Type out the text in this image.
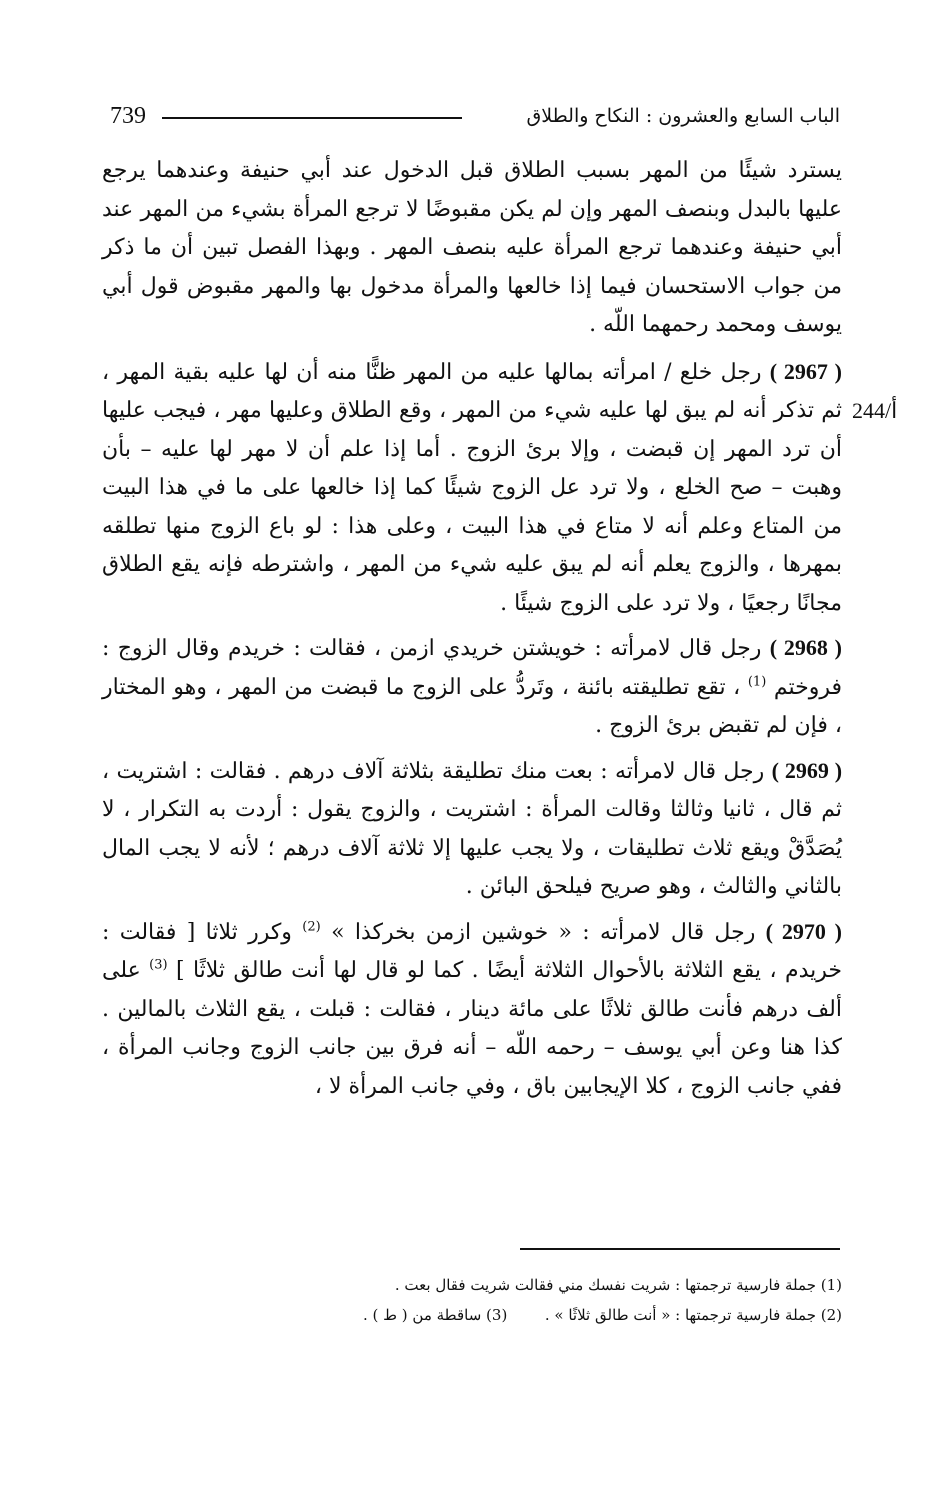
739	الباب السابع والعشرون : النكاح والطلاق
244/أ

يسترد شيئًا من المهر بسبب الطلاق قبل الدخول عند أبي حنيفة وعندهما يرجع عليها بالبدل وبنصف المهر وإن لم يكن مقبوضًا لا ترجع المرأة بشيء من المهر عند أبي حنيفة وعندهما ترجع المرأة عليه بنصف المهر . وبهذا الفصل تبين أن ما ذكر من جواب الاستحسان فيما إذا خالعها والمرأة مدخول بها والمهر مقبوض قول أبي يوسف ومحمد رحمهما اللّه .

( 2967 ) رجل خلع / امرأته بمالها عليه من المهر ظنًّا منه أن لها عليه بقية المهر ، ثم تذكر أنه لم يبق لها عليه شيء من المهر ، وقع الطلاق وعليها مهر ، فيجب عليها أن ترد المهر إن قبضت ، وإلا برئ الزوج . أما إذا علم أن لا مهر لها عليه – بأن وهبت – صح الخلع ، ولا ترد عل الزوج شيئًا كما إذا خالعها على ما في هذا البيت من المتاع وعلم أنه لا متاع في هذا البيت ، وعلى هذا : لو باع الزوج منها تطلقه بمهرها ، والزوج يعلم أنه لم يبق عليه شيء من المهر ، واشترطه فإنه يقع الطلاق مجانًا رجعيًا ، ولا ترد على الزوج شيئًا .

( 2968 ) رجل قال لامرأته : خويشتن خريدي ازمن ، فقالت : خريدم وقال الزوج : فروختم $^{(1)}$ ، تقع تطليقته بائنة ، وتَردُّ على الزوج ما قبضت من المهر ، وهو المختار ، فإن لم تقبض برئ الزوج .

( 2969 ) رجل قال لامرأته : بعت منك تطليقة بثلاثة آلاف درهم . فقالت : اشتريت ، ثم قال ، ثانيا وثالثا وقالت المرأة : اشتريت ، والزوج يقول : أردت به التكرار ، لا يُصَدَّقْ ويقع ثلاث تطليقات ، ولا يجب عليها إلا ثلاثة آلاف درهم ؛ لأنه لا يجب المال بالثاني والثالث ، وهو صريح فيلحق البائن .

( 2970 ) رجل قال لامرأته : « خوشين ازمن بخركذا » $^{(2)}$ وكرر ثلاثا [ فقالت : خريدم ، يقع الثلاثة بالأحوال الثلاثة أيضًا . كما لو قال لها أنت طالق ثلاثًا ] $^{(3)}$ على ألف درهم فأنت طالق ثلاثًا على مائة دينار ، فقالت : قبلت ، يقع الثلاث بالمالين . كذا هنا وعن أبي يوسف – رحمه اللّه – أنه فرق بين جانب الزوج وجانب المرأة ، ففي جانب الزوج ، كلا الإيجابين باق ، وفي جانب المرأة لا ،

(1) جملة فارسية ترجمتها : شريت نفسك مني فقالت شريت فقال بعت .
(2) جملة فارسية ترجمتها : « أنت طالق ثلاثًا » .  (3) ساقطة من ( ط ) .
